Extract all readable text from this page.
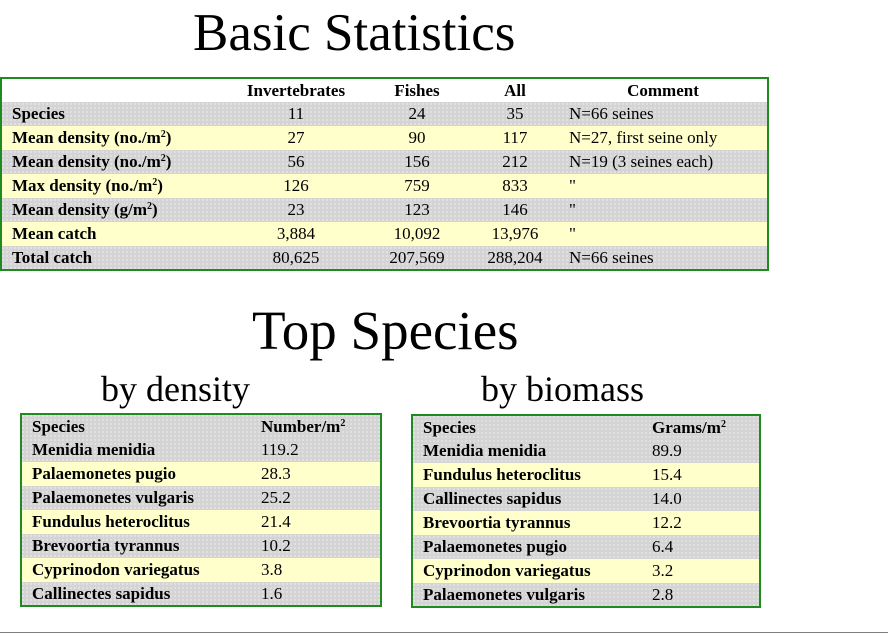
Basic Statistics
	Invertebrates	Fishes	All	Comment
Species	11	24	35	N=66 seines
Mean density $(no./m^2)$	27	90	117	N=27, first seine only
Mean density $(no./m^2)$	56	156	212	N=19 (3 seines each)
Max density $(no./m^2)$	126	759	833	"
Mean density $(g/m^2)$	23	123	146	"
Mean catch	3,884	10,092	13,976	"
Total catch	80,625	207,569	288,204	N=66 seines
Top Species
by density	by biomass
Species	Number/$m^2$
Menidia menidia	119.2
Palaemonetes pugio	28.3
Palaemonetes vulgaris	25.2
Fundulus heteroclitus	21.4
Brevoortia tyrannus	10.2
Cyprinodon variegatus	3.8
Callinectes sapidus	1.6
Species	Grams/$m^2$
Menidia menidia	89.9
Fundulus heteroclitus	15.4
Callinectes sapidus	14.0
Brevoortia tyrannus	12.2
Palaemonetes pugio	6.4
Cyprinodon variegatus	3.2
Palaemonetes vulgaris	2.8
